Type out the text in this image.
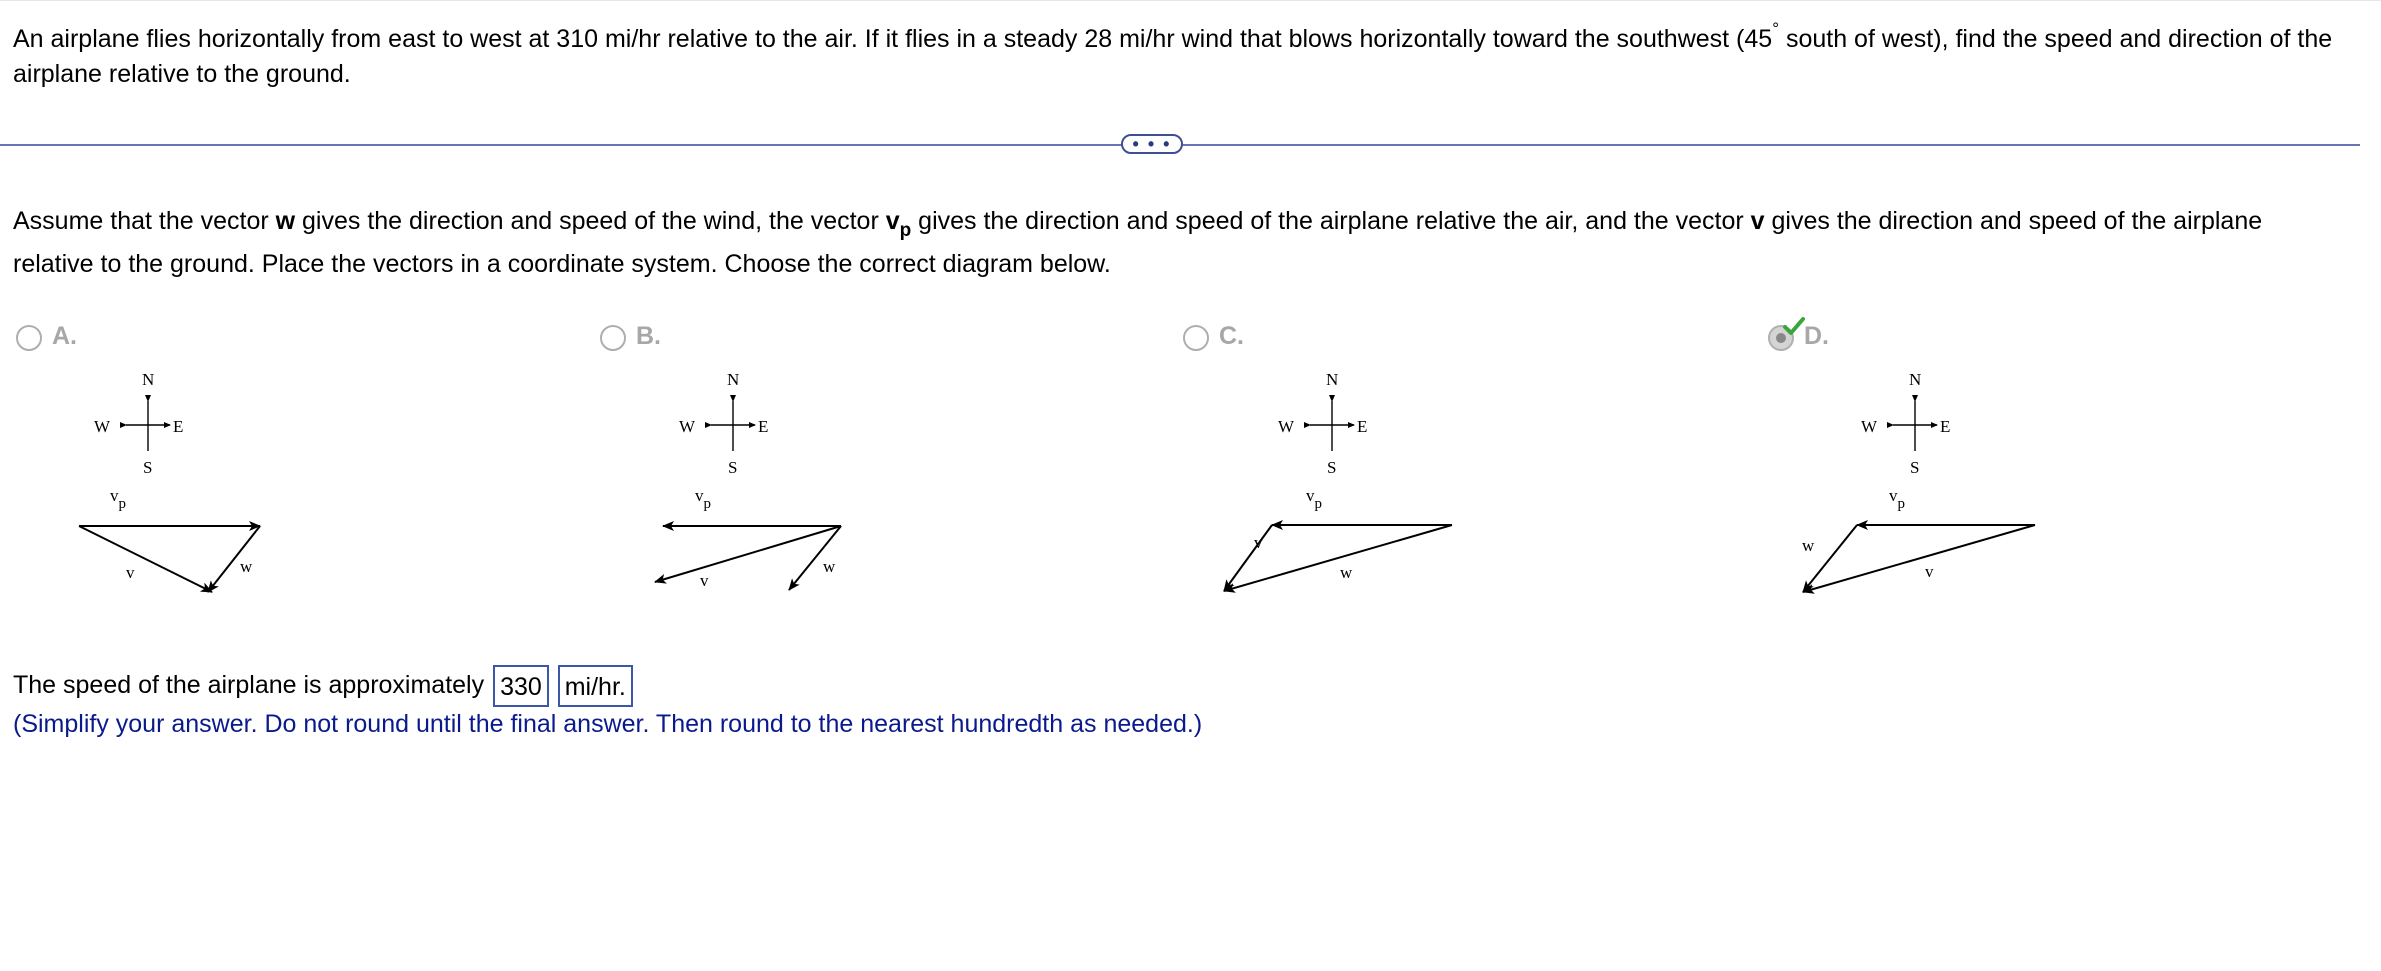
An airplane flies horizontally from east to west at 310 mi/hr relative to the air. If it flies in a steady 28 mi/hr wind that blows horizontally toward the southwest (45° south of west), find the speed and direction of the airplane relative to the ground.
• • •
Assume that the vector w gives the direction and speed of the wind, the vector $v_p$ gives the direction and speed of the airplane relative the air, and the vector v gives the direction and speed of the airplane relative to the ground. Place the vectors in a coordinate system. Choose the correct diagram below.
A.
N
S
E
W
vp
v	w
B.
N
S
E
W
vp
v
w
C.
N
S
E
W
vp
v
w
D.
N
S
E
W
vp
w
v
The speed of the airplane is approximately 330 mi/hr.
(Simplify your answer. Do not round until the final answer. Then round to the nearest hundredth as needed.)
